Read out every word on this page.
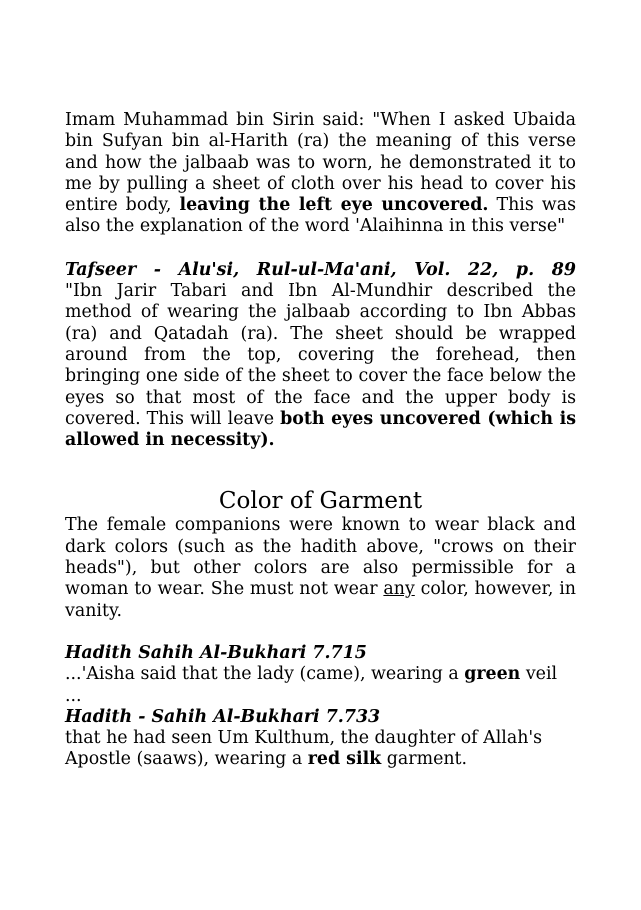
Imam Muhammad bin Sirin said: "When I asked Ubaida bin Sufyan bin al-Harith (ra) the meaning of this verse and how the jalbaab was to worn, he demonstrated it to me by pulling a sheet of cloth over his head to cover his entire body, leaving the left eye uncovered. This was also the explanation of the word 'Alaihinna in this verse"

Tafseer - Alu'si, Rul-ul-Ma'ani, Vol. 22, p. 89

"Ibn Jarir Tabari and Ibn Al-Mundhir described the method of wearing the jalbaab according to Ibn Abbas (ra) and Qatadah (ra). The sheet should be wrapped around from the top, covering the forehead, then bringing one side of the sheet to cover the face below the eyes so that most of the face and the upper body is covered. This will leave both eyes uncovered (which is allowed in necessity).

Color of Garment

The female companions were known to wear black and dark colors (such as the hadith above, "crows on their heads"), but other colors are also permissible for a woman to wear. She must not wear any color, however, in vanity.

Hadith Sahih Al-Bukhari 7.715

...'Aisha said that the lady (came), wearing a green veil ...

Hadith - Sahih Al-Bukhari 7.733

that he had seen Um Kulthum, the daughter of Allah's Apostle (saaws), wearing a red silk garment.
